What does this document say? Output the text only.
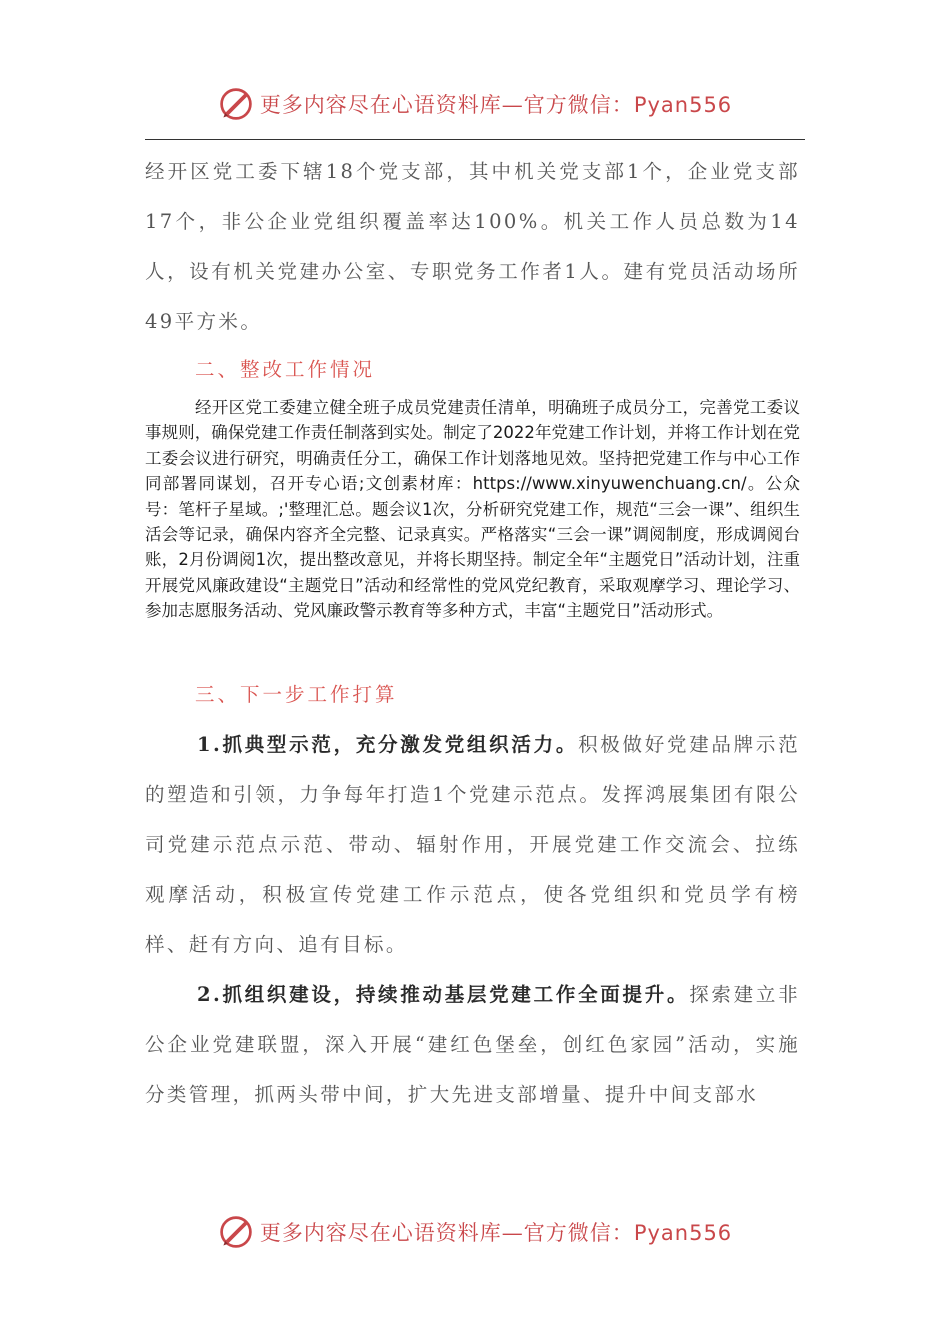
更多内容尽在心语资料库—官方微信：Pyan556
经开区党工委下辖18个党支部，其中机关党支部1个，企业党支部17个，非公企业党组织覆盖率达100%。机关工作人员总数为14人，设有机关党建办公室、专职党务工作者1人。建有党员活动场所49平方米。
二、整改工作情况

经开区党工委建立健全班子成员党建责任清单，明确班子成员分工，完善党工委议事规则，确保党建工作责任制落到实处。制定了2022年党建工作计划，并将工作计划在党工委会议进行研究，明确责任分工，确保工作计划落地见效。坚持把党建工作与中心工作同部署同谋划，召开专心语;文创素材库：https://www.xinyuwenchuang.cn/。公众号：笔杆子星域。;'整理汇总。题会议1次，分析研究党建工作，规范“三会一课”、组织生活会等记录，确保内容齐全完整、记录真实。严格落实“三会一课”调阅制度，形成调阅台账，2月份调阅1次，提出整改意见，并将长期坚持。制定全年“主题党日”活动计划，注重开展党风廉政建设“主题党日”活动和经常性的党风党纪教育，采取观摩学习、理论学习、参加志愿服务活动、党风廉政警示教育等多种方式，丰富“主题党日”活动形式。

三、下一步工作打算
1.抓典型示范，充分激发党组织活力。积极做好党建品牌示范的塑造和引领，力争每年打造1个党建示范点。发挥鸿展集团有限公司党建示范点示范、带动、辐射作用，开展党建工作交流会、拉练观摩活动，积极宣传党建工作示范点，使各党组织和党员学有榜样、赶有方向、追有目标。
2.抓组织建设，持续推动基层党建工作全面提升。探索建立非公企业党建联盟，深入开展“建红色堡垒，创红色家园”活动，实施分类管理，抓两头带中间，扩大先进支部增量、提升中间支部水
更多内容尽在心语资料库—官方微信：Pyan556
